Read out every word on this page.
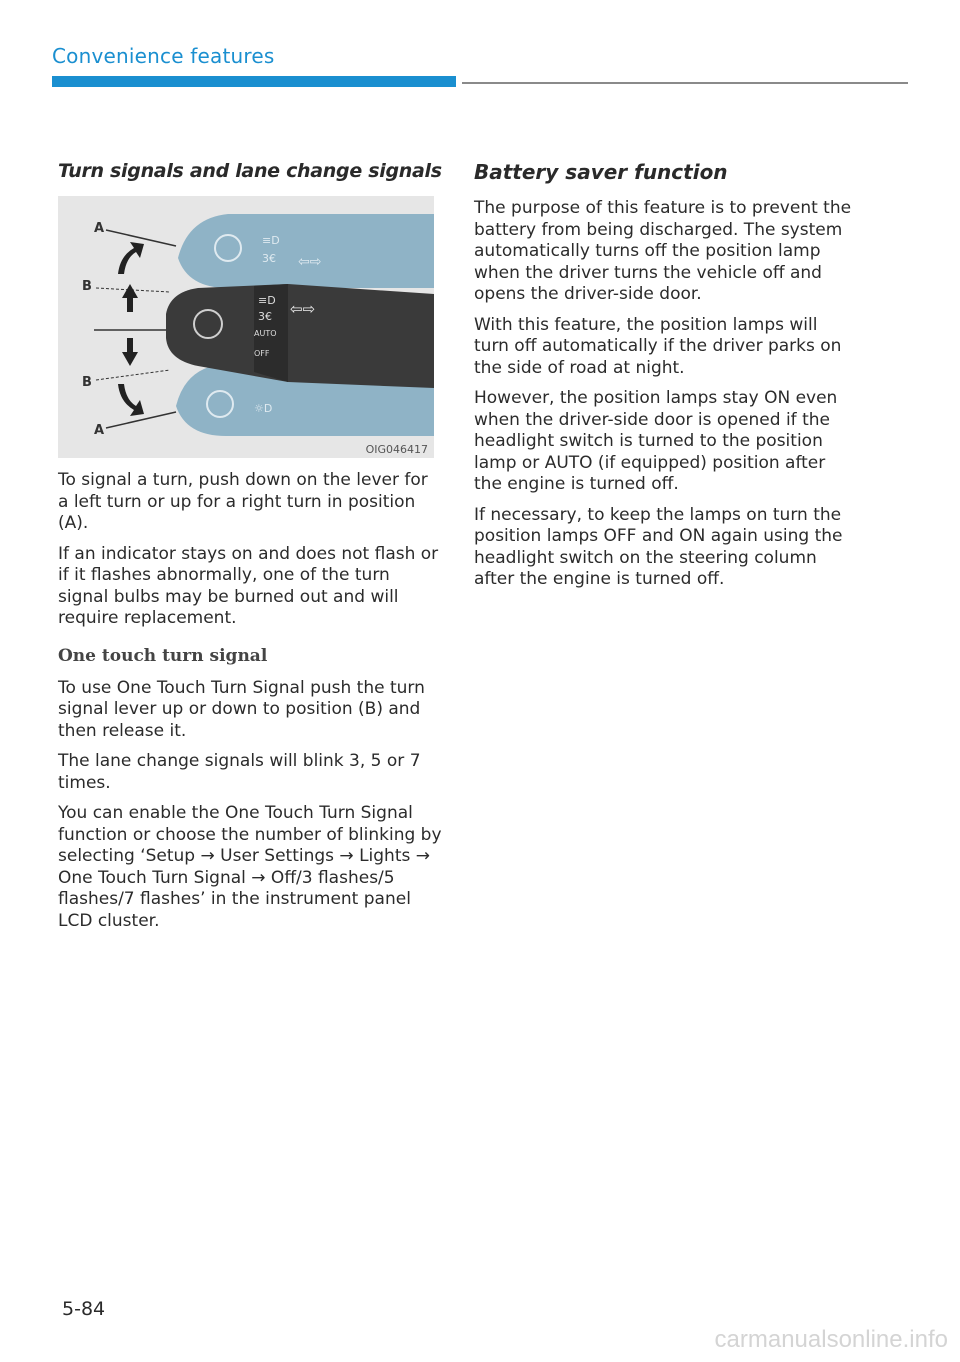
Convenience features
Turn signals and lane change signals
≡D
3€ ⇦⇨
☼D
≡D
3€
AUTO
OFF
⇦⇨
A
B
B
A
OIG046417

To signal a turn, push down on the lever for a left turn or up for a right turn in position (A).

If an indicator stays on and does not flash or if it flashes abnormally, one of the turn signal bulbs may be burned out and will require replacement.

One touch turn signal

To use One Touch Turn Signal push the turn signal lever up or down to position (B) and then release it.

The lane change signals will blink 3, 5 or 7 times.

You can enable the One Touch Turn Signal function or choose the number of blinking by selecting ‘Setup → User Settings → Lights → One Touch Turn Signal → Off/3 flashes/5 flashes/7 flashes’ in the instrument panel LCD cluster.

Battery saver function

The purpose of this feature is to prevent the battery from being discharged. The system automatically turns off the position lamp when the driver turns the vehicle off and opens the driver-side door.

With this feature, the position lamps will turn off automatically if the driver parks on the side of road at night.

However, the position lamps stay ON even when the driver-side door is opened if the headlight switch is turned to the position lamp or AUTO (if equipped) position after the engine is turned off.

If necessary, to keep the lamps on turn the position lamps OFF and ON again using the headlight switch on the steering column after the engine is turned off.

5-84
carmanualsonline.info
